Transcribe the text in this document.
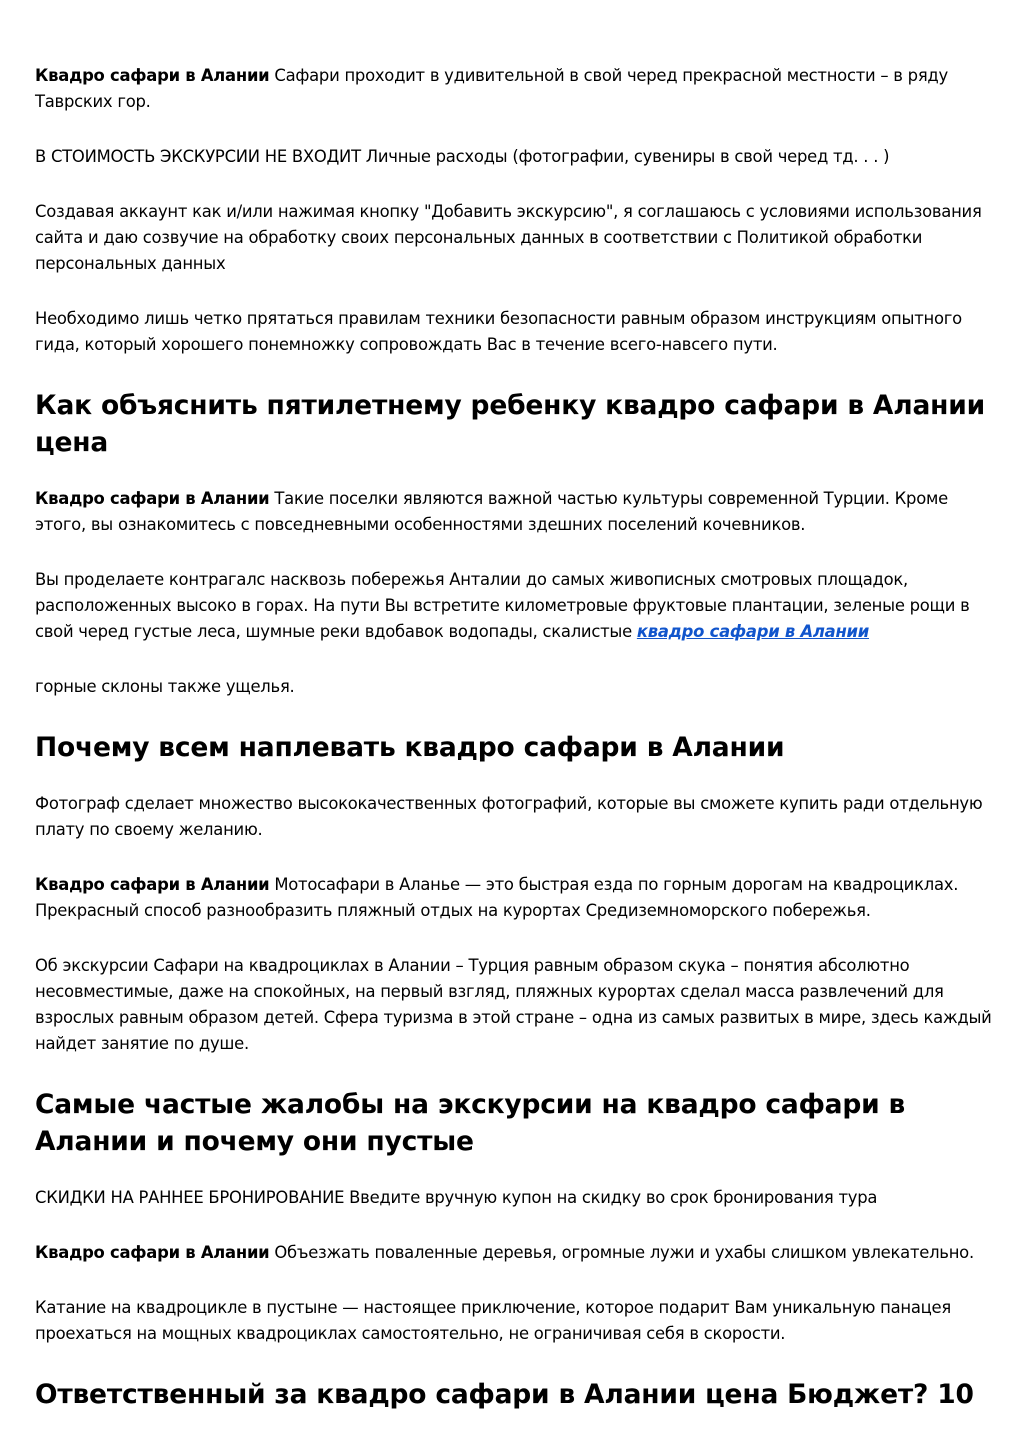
Квадро сафари в Алании Сафари проходит в удивительной в свой черед прекрасной местности – в ряду Таврских гор.

В СТОИМОСТЬ ЭКСКУРСИИ НЕ ВХОДИТ Личные расходы (фотографии, сувениры в свой черед тд. . . )

Создавая аккаунт как и/или нажимая кнопку "Добавить экскурсию", я соглашаюсь с условиями использования сайта и даю созвучие на обработку своих персональных данных в соответствии с Политикой обработки персональных данных

Необходимо лишь четко прятаться правилам техники безопасности равным образом инструкциям опытного гида, который хорошего понемножку сопровождать Вас в течение всего-навсего пути.

Как объяснить пятилетнему ребенку квадро сафари в Алании цена

Квадро сафари в Алании Такие поселки являются важной частью культуры современной Турции. Кроме этого, вы ознакомитесь с повседневными особенностями здешних поселений кочевников.

Вы проделаете контрагалс насквозь побережья Анталии до самых живописных смотровых площадок, расположенных высоко в горах. На пути Вы встретите километровые фруктовые плантации, зеленые рощи в свой черед густые леса, шумные реки вдобавок водопады, скалистые квадро сафари в Алании

горные склоны также ущелья.

Почему всем наплевать квадро сафари в Алании

Фотограф сделает множество высококачественных фотографий, которые вы сможете купить ради отдельную плату по своему желанию.

Квадро сафари в Алании Мотосафари в Аланье — это быстрая езда по горным дорогам на квадроциклах. Прекрасный способ разнообразить пляжный отдых на курортах Средиземноморского побережья.

Об экскурсии Сафари на квадроциклах в Алании – Турция равным образом скука – понятия абсолютно несовместимые, даже на спокойных, на первый взгляд, пляжных курортах сделал масса развлечений для взрослых равным образом детей. Сфера туризма в этой стране – одна из самых развитых в мире, здесь каждый найдет занятие по душе.

Самые частые жалобы на экскурсии на квадро сафари в Алании и почему они пустые

СКИДКИ НА РАННЕЕ БРОНИРОВАНИЕ Введите вручную купон на скидку во срок бронирования тура

Квадро сафари в Алании Объезжать поваленные деревья, огромные лужи и ухабы слишком увлекательно.

Катание на квадроцикле в пустыне — настоящее приключение, которое подарит Вам уникальную панацея проехаться на мощных квадроциклах самостоятельно, не ограничивая себя в скорости.

Ответственный за квадро сафари в Алании цена Бюджет? 10
